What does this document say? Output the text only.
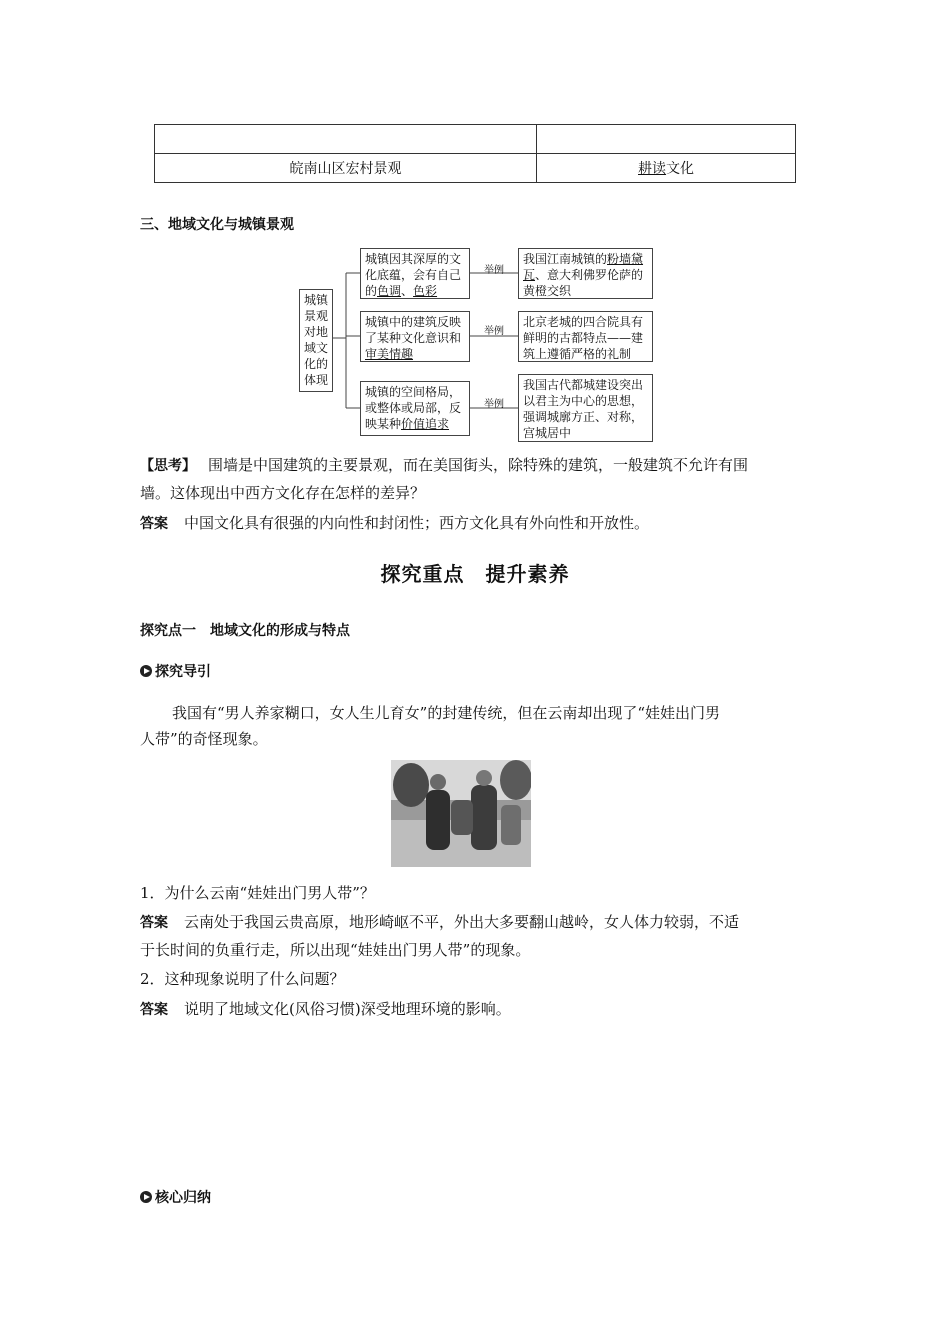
皖南山区宏村景观	耕读文化
三、地域文化与城镇景观
城镇景观对地域文化的体现
城镇因其深厚的文化底蕴，会有自己的色调、色彩
城镇中的建筑反映了某种文化意识和审美情趣
城镇的空间格局，或整体或局部，反映某种价值追求
举例
举例
举例
我国江南城镇的粉墙黛瓦、意大利佛罗伦萨的黄橙交织
北京老城的四合院具有鲜明的古都特点——建筑上遵循严格的礼制
我国古代都城建设突出以君主为中心的思想，强调城廓方正、对称，宫城居中
【思考】 围墙是中国建筑的主要景观，而在美国街头，除特殊的建筑，一般建筑不允许有围
墙。这体现出中西方文化存在怎样的差异？
答案 中国文化具有很强的内向性和封闭性；西方文化具有外向性和开放性。
探究重点　提升素养
探究点一　地域文化的形成与特点
探究导引
我国有“男人养家糊口，女人生儿育女”的封建传统，但在云南却出现了“娃娃出门男
人带”的奇怪现象。
1．为什么云南“娃娃出门男人带”？
答案 云南处于我国云贵高原，地形崎岖不平，外出大多要翻山越岭，女人体力较弱，不适
于长时间的负重行走，所以出现“娃娃出门男人带”的现象。
2．这种现象说明了什么问题？
答案 说明了地域文化(风俗习惯)深受地理环境的影响。
核心归纳
